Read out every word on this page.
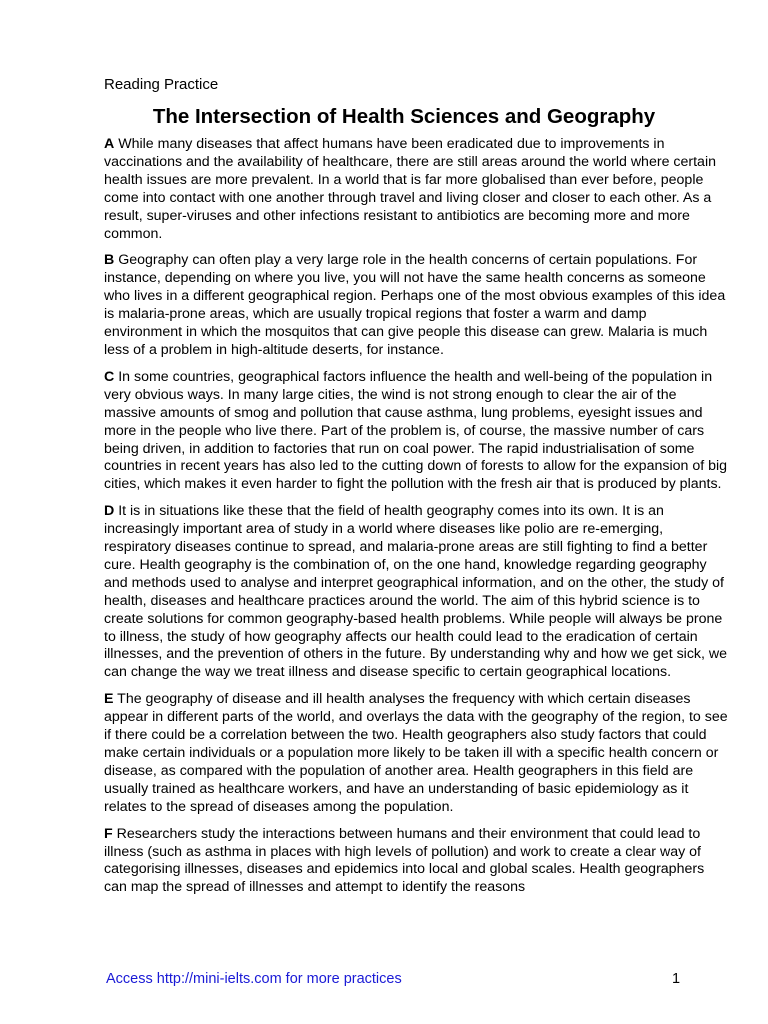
Reading Practice
The Intersection of Health Sciences and Geography

A While many diseases that affect humans have been eradicated due to improvements in vaccinations and the availability of healthcare, there are still areas around the world where certain health issues are more prevalent. In a world that is far more globalised than ever before, people come into contact with one another through travel and living closer and closer to each other. As a result, super-viruses and other infections resistant to antibiotics are becoming more and more common.

B Geography can often play a very large role in the health concerns of certain populations. For instance, depending on where you live, you will not have the same health concerns as someone who lives in a different geographical region. Perhaps one of the most obvious examples of this idea is malaria-prone areas, which are usually tropical regions that foster a warm and damp environment in which the mosquitos that can give people this disease can grew. Malaria is much less of a problem in high-altitude deserts, for instance.

C In some countries, geographical factors influence the health and well-being of the population in very obvious ways. In many large cities, the wind is not strong enough to clear the air of the massive amounts of smog and pollution that cause asthma, lung problems, eyesight issues and more in the people who live there. Part of the problem is, of course, the massive number of cars being driven, in addition to factories that run on coal power. The rapid industrialisation of some countries in recent years has also led to the cutting down of forests to allow for the expansion of big cities, which makes it even harder to fight the pollution with the fresh air that is produced by plants.

D It is in situations like these that the field of health geography comes into its own. It is an increasingly important area of study in a world where diseases like polio are re-emerging, respiratory diseases continue to spread, and malaria-prone areas are still fighting to find a better cure. Health geography is the combination of, on the one hand, knowledge regarding geography and methods used to analyse and interpret geographical information, and on the other, the study of health, diseases and healthcare practices around the world. The aim of this hybrid science is to create solutions for common geography-based health problems. While people will always be prone to illness, the study of how geography affects our health could lead to the eradication of certain illnesses, and the prevention of others in the future. By understanding why and how we get sick, we can change the way we treat illness and disease specific to certain geographical locations.

E The geography of disease and ill health analyses the frequency with which certain diseases appear in different parts of the world, and overlays the data with the geography of the region, to see if there could be a correlation between the two. Health geographers also study factors that could make certain individuals or a population more likely to be taken ill with a specific health concern or disease, as compared with the population of another area. Health geographers in this field are usually trained as healthcare workers, and have an understanding of basic epidemiology as it relates to the spread of diseases among the population.

F Researchers study the interactions between humans and their environment that could lead to illness (such as asthma in places with high levels of pollution) and work to create a clear way of categorising illnesses, diseases and epidemics into local and global scales. Health geographers can map the spread of illnesses and attempt to identify the reasons

Access http://mini-ielts.com for more practices	1
